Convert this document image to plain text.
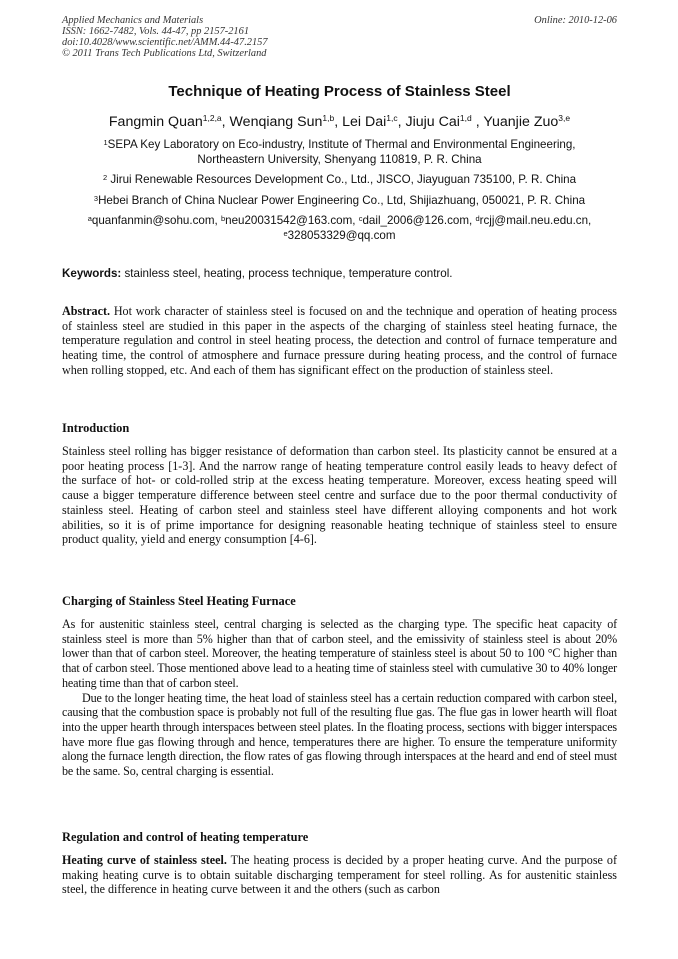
Applied Mechanics and Materials
ISSN: 1662-7482, Vols. 44-47, pp 2157-2161
doi:10.4028/www.scientific.net/AMM.44-47.2157
© 2011 Trans Tech Publications Ltd, Switzerland
Online: 2010-12-06
Technique of Heating Process of Stainless Steel
Fangmin Quan$^{1,2,a}$, Wenqiang Sun$^{1,b}$, Lei Dai$^{1,c}$, Jiuju Cai$^{1,d}$ , Yuanjie Zuo$^{3,e}$
$^1$SEPA Key Laboratory on Eco-industry, Institute of Thermal and Environmental Engineering,
Northeastern University, Shenyang 110819, P. R. China
$^2$ Jirui Renewable Resources Development Co., Ltd., JISCO, Jiayuguan 735100, P. R. China
$^3$Hebei Branch of China Nuclear Power Engineering Co., Ltd, Shijiazhuang, 050021, P. R. China
$^a$quanfanmin@sohu.com, $^b$neu20031542@163.com, $^c$dail_2006@126.com, $^d$rcjj@mail.neu.edu.cn,
$^e$328053329@qq.com
Keywords: stainless steel, heating, process technique, temperature control.

Abstract. Hot work character of stainless steel is focused on and the technique and operation of heating process of stainless steel are studied in this paper in the aspects of the charging of stainless steel heating furnace, the temperature regulation and control in steel heating process, the detection and control of furnace temperature and heating time, the control of atmosphere and furnace pressure during heating process, and the control of furnace when rolling stopped, etc. And each of them has significant effect on the production of stainless steel.

Introduction

Stainless steel rolling has bigger resistance of deformation than carbon steel. Its plasticity cannot be ensured at a poor heating process [1-3]. And the narrow range of heating temperature control easily leads to heavy defect of the surface of hot- or cold-rolled strip at the excess heating temperature. Moreover, excess heating speed will cause a bigger temperature difference between steel centre and surface due to the poor thermal conductivity of stainless steel. Heating of carbon steel and stainless steel have different alloying components and hot work abilities, so it is of prime importance for designing reasonable heating technique of stainless steel to ensure product quality, yield and energy consumption [4-6].

Charging of Stainless Steel Heating Furnace

As for austenitic stainless steel, central charging is selected as the charging type. The specific heat capacity of stainless steel is more than 5% higher than that of carbon steel, and the emissivity of stainless steel is about 20% lower than that of carbon steel. Moreover, the heating temperature of stainless steel is about 50 to 100 °C higher than that of carbon steel. Those mentioned above lead to a heating time of stainless steel with cumulative 30 to 40% longer heating time than that of carbon steel.

Due to the longer heating time, the heat load of stainless steel has a certain reduction compared with carbon steel, causing that the combustion space is probably not full of the resulting flue gas. The flue gas in lower hearth will float into the upper hearth through interspaces between steel plates. In the floating process, sections with bigger interspaces have more flue gas flowing through and hence, temperatures there are higher. To ensure the temperature uniformity along the furnace length direction, the flow rates of gas flowing through interspaces at the heard and end of steel must be the same. So, central charging is essential.

Regulation and control of heating temperature

Heating curve of stainless steel. The heating process is decided by a proper heating curve. And the purpose of making heating curve is to obtain suitable discharging temperament for steel rolling. As for austenitic stainless steel, the difference in heating curve between it and the others (such as carbon
